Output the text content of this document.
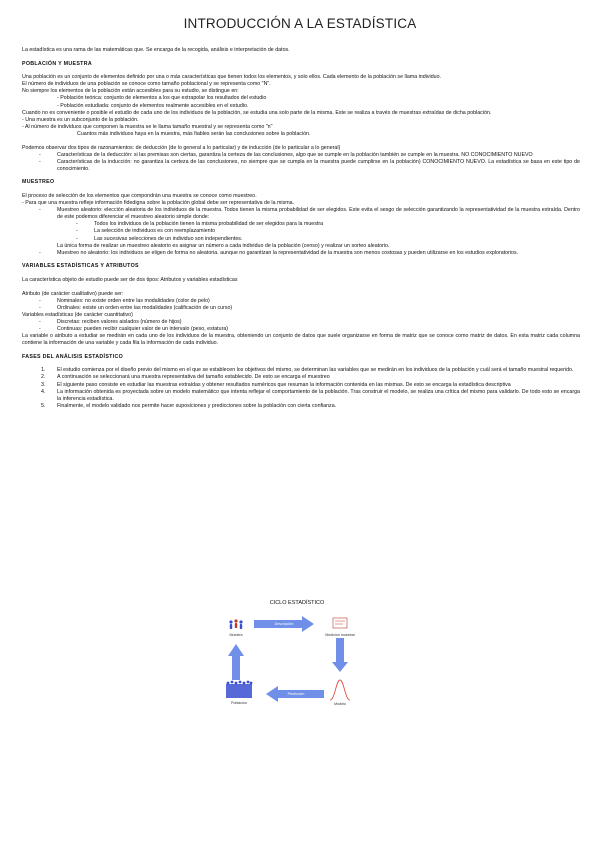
INTRODUCCIÓN A LA ESTADÍSTICA

La estadística es una rama de las matemáticas que. Se encarga de la recogida, análisis e interpretación de datos.

POBLACIÓN Y MUESTRA

Una población es un conjunto de elementos definido por una o más características que tienen todos los elementos, y solo ellos. Cada elemento de la población se llama individuo.

El número de individuos de una población se conoce como tamaño poblacional y se representa como "N".

No siempre los elementos de la población están accesibles para su estudio, se distingue en:

- Población teórica: conjunto de elementos a los que extrapolar los resultados del estudio

- Población estudiada: conjunto de elementos realmente accesibles en el estudio.

Cuando no es conveniente o posible el estudio de cada uno de los individuos de la población, se estudia una solo parte de la misma. Este se realiza a través de muestras extraídas de dicha población.

- Una muestra es un subconjunto de la población.

- Al número de individuos que componen la muestra se le llama tamaño muestral y se representa como "n"

Cuantos más individuos haya en la muestra, más fiables serán las conclusiones sobre la población.

Podemos observar dos tipos de razonamientos: de deducción (de lo general a lo particular) y de inducción (de lo particular a lo general)

- Características de la deducción: si las premisas son ciertas, garantiza la certeza de las conclusiones, algo que se cumple en la población también se cumple en la muestra. NO CONOCIMIENTO NUEVO
- Características de la inducción: no garantiza la certeza de las conclusiones, no siempre que se cumpla en la muestra puede cumplirse en la población) CONOCIMIENTO NUEVO. La estadística se basa en este tipo de conocimiento.

MUESTREO

El proceso de selección de los elementos que compondrán una muestra se conoce como muestreo.

- Para que una muestra refleje información fidedigna sobre la población global debe ser representativa de la misma.

- Muestreo aleatorio: elección aleatoria de los individuos de la muestra. Todos tienen la misma probabilidad de ser elegidos. Este evita el sesgo de selección garantizando la representatividad de la muestra extraída. Dentro de este podemos diferenciar el muestreo aleatorio simple donde:
- Todos los individuos de la población tienen la misma probabilidad de ser elegidos para la muestra
- La selección de individuos es con reemplazamiento
- Las sucesivas selecciones de un individuo son independientes.

La única forma de realizar un muestreo aleatorio es asignar un número a cada individuo de la población (censo) y realizar un sorteo aleatorio.

- Muestreo no aleatorio: los individuos se eligen de forma no aleatoria. aunque no garantizan la representatividad de la muestra son menos costosas y pueden utilizarse en los estudios exploratorios.

VARIABLES ESTADÍSTICAS Y ATRIBUTOS

La característica objeto de estudio puede ser de dos tipos: Atributos y variables estadísticas

Atributo (de carácter cualitativo) puede ser:

- Nominales: no existe orden entre las modalidades (color de pelo)
- Ordinales: existe un orden entre las modalidades (calificación de un curso)

Variables estadísticas (de carácter cuantitativo)

- Discretas: reciben valores aislados (número de hijos)
- Continuas: pueden recibir cualquier valor de un intervalo (peso, estatura)

La variable o atributo a estudiar se medirán en cada uno de los individuos de la muestra, obteniendo un conjunto de datos que suele organizarse en forma de matriz que se conoce como matriz de datos. En esta matriz cada columna contiene la información de una variable y cada fila la información de cada individuo.

FASES DEL ANÁLISIS ESTADÍSTICO

1. El estudio comienza por el diseño previo del mismo en el que se establecen los objetivos del mismo, se determinan las variables que se medirán en los individuos de la población y cuál será el tamaño muestral requerido.
2. A continuación se seleccionará una muestra representativa del tamaño establecido. De esto se encarga el muestreo
3. El siguiente paso consiste en estudiar las muestras extraídas y obtener resultados numéricos que resuman la información contenida en las mismas. De esto se encarga la estadística descriptiva
4. La información obtenida es proyectada sobre un modelo matemático que intenta reflejar el comportamiento de la población. Tras construir el modelo, se realiza una crítica del mismo para validarlo. De todo esto se encarga la inferencia estadística.
5. Finalmente, el modelo validado nos permite hacer suposiciones y predicciones sobre la población con cierta confianza.
CICLO ESTADÍSTICO
Muestra	Medición muestral
Población	Modelo
Descripción
Predicción
